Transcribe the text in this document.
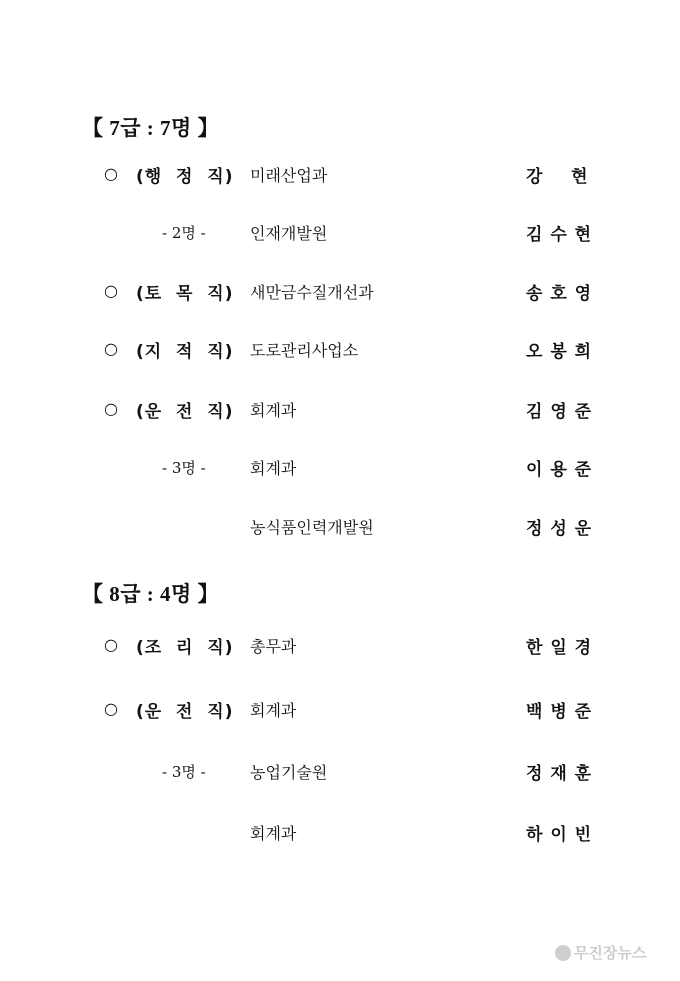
【 7급 : 7명 】
○ (행  정  직) 미래산업과	강    현
- 2명 -	인재개발원	김 수 현
○ (토  목  직) 새만금수질개선과	송 호 영
○ (지  적  직) 도로관리사업소	오 봉 희
○ (운  전  직) 회계과	김 영 준
- 3명 -	회계과	이 용 준
농식품인력개발원	정 성 운
【 8급 : 4명 】
○ (조  리  직) 총무과	한 일 경
○ (운  전  직) 회계과	백 병 준
- 3명 -	농업기술원	정 재 훈
회계과	하 이 빈

무진장뉴스
